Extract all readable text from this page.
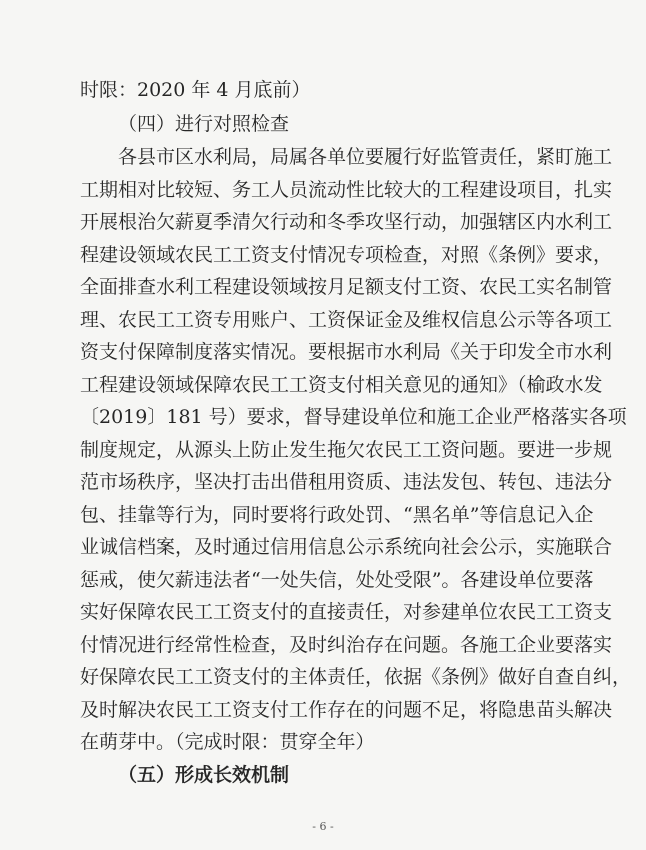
时限：2020 年 4 月底前）

（四）进行对照检查

各县市区水利局，局属各单位要履行好监管责任，紧盯施工
工期相对比较短、务工人员流动性比较大的工程建设项目，扎实
开展根治欠薪夏季清欠行动和冬季攻坚行动，加强辖区内水利工
程建设领域农民工工资支付情况专项检查，对照《条例》要求，
全面排查水利工程建设领域按月足额支付工资、农民工实名制管
理、农民工工资专用账户、工资保证金及维权信息公示等各项工
资支付保障制度落实情况。要根据市水利局《关于印发全市水利
工程建设领域保障农民工工资支付相关意见的通知》（榆政水发
〔2019〕181 号）要求，督导建设单位和施工企业严格落实各项
制度规定，从源头上防止发生拖欠农民工工资问题。要进一步规
范市场秩序，坚决打击出借租用资质、违法发包、转包、违法分
包、挂靠等行为，同时要将行政处罚、“黑名单”等信息记入企
业诚信档案，及时通过信用信息公示系统向社会公示，实施联合
惩戒，使欠薪违法者“一处失信，处处受限”。各建设单位要落
实好保障农民工工资支付的直接责任，对参建单位农民工工资支
付情况进行经常性检查，及时纠治存在问题。各施工企业要落实
好保障农民工工资支付的主体责任，依据《条例》做好自查自纠，
及时解决农民工工资支付工作存在的问题不足，将隐患苗头解决
在萌芽中。（完成时限：贯穿全年）

（五）形成长效机制

- 6 -
